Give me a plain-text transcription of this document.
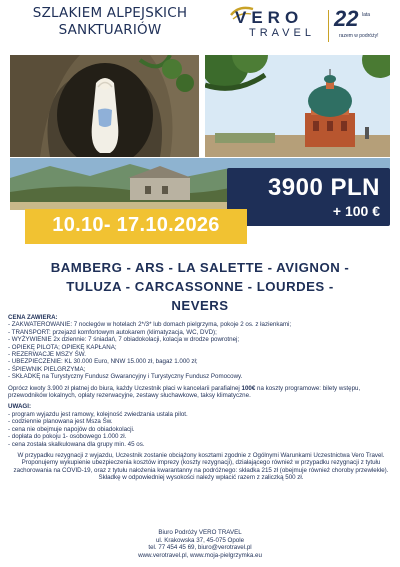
SZLAKIEM ALPEJSKICH
SANKTUARIÓW
VERO
TRAVEL
22 lata
razem w podróży!
3900 PLN
+ 100 €
10.10- 17.10.2026
BAMBERG - ARS - LA SALETTE - AVIGNON -
TULUZA - CARCASSONNE - LOURDES -
NEVERS
CENA ZAWIERA:
- ZAKWATEROWANIE: 7 noclegów w hotelach 2*/3* lub domach pielgrzyma, pokoje 2 os. z łazienkami;
- TRANSPORT: przejazd komfortowym autokarem (klimatyzacja, WC, DVD);
- WYŻYWIENIE 2x dziennie: 7 śniadań, 7 obiadokolacji, kolacja w drodze powrotnej;
- OPIEKĘ PILOTA; OPIEKĘ KAPŁANA;
- REZERWACJE MSZY ŚW.
- UBEZPIECZENIE: KL 30.000 Euro, NNW 15.000 zł, bagaż 1.000 zł;
- ŚPIEWNIK PIELGRZYMA;
- SKŁADKĘ na Turystyczny Fundusz Gwarancyjny i Turystyczny Fundusz Pomocowy.
Oprócz kwoty 3.900 zł płatnej do biura, każdy Uczestnik płaci w kancelarii parafialnej 100€ na koszty programowe: bilety wstępu, przewodników lokalnych, opłaty rezerwacyjne, zestawy słuchawkowe, taksy klimatyczne.
UWAGI:
- program wyjazdu jest ramowy, kolejność zwiedzania ustala pilot.
- codziennie planowana jest Msza Św.
- cena nie obejmuje napojów do obiadokolacji.
- dopłata do pokoju 1- osobowego 1.000 zł.
- cena została skalkulowana dla grupy min. 45 os.
W przypadku rezygnacji z wyjazdu, Uczestnik zostanie obciążony kosztami zgodnie z Ogólnymi Warunkami Uczestnictwa Vero Travel. Proponujemy wykupienie ubezpieczenia kosztów imprezy (koszty rezygnacji), działającego również w przypadku rezygnacji z tytułu zachorowania na COVID-19, oraz z tytułu nałożenia kwarantanny na podróżnego: składka 215 zł (obejmuje również choroby przewlekłe). Składkę w odpowiedniej wysokości należy wpłacić razem z zaliczką 500 zł.
Biuro Podróży VERO TRAVEL
ul. Krakowska 37, 45-075 Opole
tel. 77 454 45 69, biuro@verotravel.pl
www.verotravel.pl, www.moja-pielgrzymka.eu
